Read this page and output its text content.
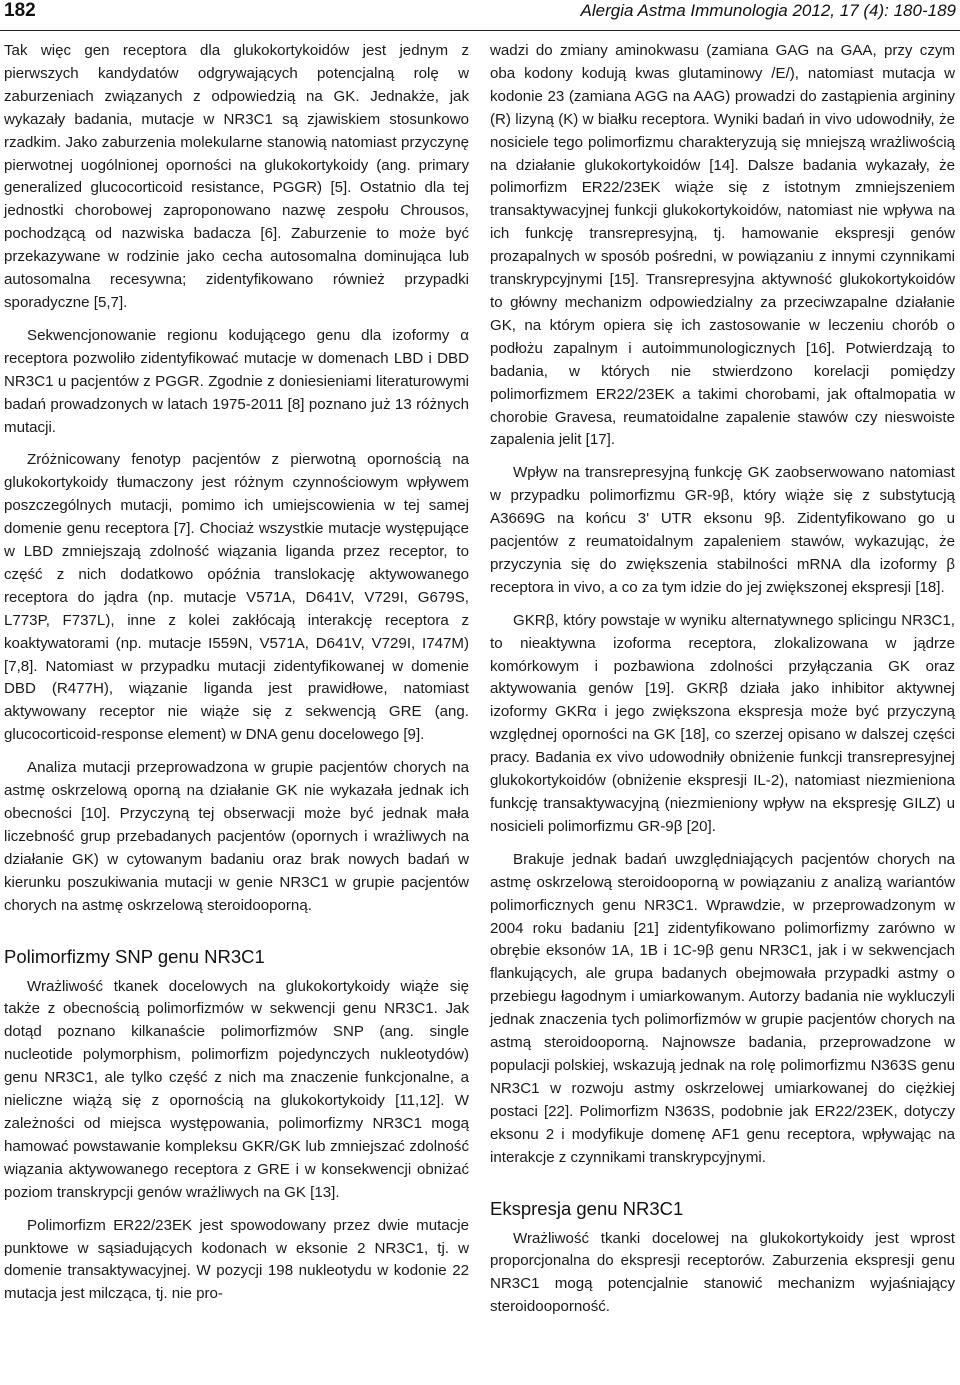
182	Alergia Astma Immunologia 2012, 17 (4): 180-189

Tak więc gen receptora dla glukokortykoidów jest jednym z pierwszych kandydatów odgrywających potencjalną rolę w zaburzeniach związanych z odpowiedzią na GK. Jednakże, jak wykazały badania, mutacje w NR3C1 są zjawiskiem stosunkowo rzadkim. Jako zaburzenia molekularne stanowią natomiast przyczynę pierwotnej uogólnionej oporności na glukokortykoidy (ang. primary generalized glucocorticoid resistance, PGGR) [5]. Ostatnio dla tej jednostki chorobowej zaproponowano nazwę zespołu Chrousos, pochodzącą od nazwiska badacza [6]. Zaburzenie to może być przekazywane w rodzinie jako cecha autosomalna dominująca lub autosomalna recesywna; zidentyfikowano również przypadki sporadyczne [5,7].

Sekwencjonowanie regionu kodującego genu dla izoformy α receptora pozwoliło zidentyfikować mutacje w domenach LBD i DBD NR3C1 u pacjentów z PGGR. Zgodnie z doniesieniami literaturowymi badań prowadzonych w latach 1975-2011 [8] poznano już 13 różnych mutacji.

Zróżnicowany fenotyp pacjentów z pierwotną opornością na glukokortykoidy tłumaczony jest różnym czynnościowym wpływem poszczególnych mutacji, pomimo ich umiejscowienia w tej samej domenie genu receptora [7]. Chociaż wszystkie mutacje występujące w LBD zmniejszają zdolność wiązania liganda przez receptor, to część z nich dodatkowo opóźnia translokację aktywowanego receptora do jądra (np. mutacje V571A, D641V, V729I, G679S, L773P, F737L), inne z kolei zakłócają interakcję receptora z koaktywatorami (np. mutacje I559N, V571A, D641V, V729I, I747M) [7,8]. Natomiast w przypadku mutacji zidentyfikowanej w domenie DBD (R477H), wiązanie liganda jest prawidłowe, natomiast aktywowany receptor nie wiąże się z sekwencją GRE (ang. glucocorticoid-response element) w DNA genu docelowego [9].

Analiza mutacji przeprowadzona w grupie pacjentów chorych na astmę oskrzelową oporną na działanie GK nie wykazała jednak ich obecności [10]. Przyczyną tej obserwacji może być jednak mała liczebność grup przebadanych pacjentów (opornych i wrażliwych na działanie GK) w cytowanym badaniu oraz brak nowych badań w kierunku poszukiwania mutacji w genie NR3C1 w grupie pacjentów chorych na astmę oskrzelową steroidooporną.

Polimorfizmy SNP genu NR3C1

Wrażliwość tkanek docelowych na glukokortykoidy wiąże się także z obecnością polimorfizmów w sekwencji genu NR3C1. Jak dotąd poznano kilkanaście polimorfizmów SNP (ang. single nucleotide polymorphism, polimorfizm pojedynczych nukleotydów) genu NR3C1, ale tylko część z nich ma znaczenie funkcjonalne, a nieliczne wiążą się z opornością na glukokortykoidy [11,12]. W zależności od miejsca występowania, polimorfizmy NR3C1 mogą hamować powstawanie kompleksu GKR/GK lub zmniejszać zdolność wiązania aktywowanego receptora z GRE i w konsekwencji obniżać poziom transkrypcji genów wrażliwych na GK [13].

Polimorfizm ER22/23EK jest spowodowany przez dwie mutacje punktowe w sąsiadujących kodonach w eksonie 2 NR3C1, tj. w domenie transaktywacyjnej. W pozycji 198 nukleotydu w kodonie 22 mutacja jest milcząca, tj. nie pro-

wadzi do zmiany aminokwasu (zamiana GAG na GAA, przy czym oba kodony kodują kwas glutaminowy /E/), natomiast mutacja w kodonie 23 (zamiana AGG na AAG) prowadzi do zastąpienia argininy (R) lizyną (K) w białku receptora. Wyniki badań in vivo udowodniły, że nosiciele tego polimorfizmu charakteryzują się mniejszą wrażliwością na działanie glukokortykoidów [14]. Dalsze badania wykazały, że polimorfizm ER22/23EK wiąże się z istotnym zmniejszeniem transaktywacyjnej funkcji glukokortykoidów, natomiast nie wpływa na ich funkcję transrepresyjną, tj. hamowanie ekspresji genów prozapalnych w sposób pośredni, w powiązaniu z innymi czynnikami transkrypcyjnymi [15]. Transrepresyjna aktywność glukokortykoidów to główny mechanizm odpowiedzialny za przeciwzapalne działanie GK, na którym opiera się ich zastosowanie w leczeniu chorób o podłożu zapalnym i autoimmunologicznych [16]. Potwierdzają to badania, w których nie stwierdzono korelacji pomiędzy polimorfizmem ER22/23EK a takimi chorobami, jak oftalmopatia w chorobie Gravesa, reumatoidalne zapalenie stawów czy nieswoiste zapalenia jelit [17].

Wpływ na transrepresyjną funkcję GK zaobserwowano natomiast w przypadku polimorfizmu GR-9β, który wiąże się z substytucją A3669G na końcu 3' UTR eksonu 9β. Zidentyfikowano go u pacjentów z reumatoidalnym zapaleniem stawów, wykazując, że przyczynia się do zwiększenia stabilności mRNA dla izoformy β receptora in vivo, a co za tym idzie do jej zwiększonej ekspresji [18].

GKRβ, który powstaje w wyniku alternatywnego splicingu NR3C1, to nieaktywna izoforma receptora, zlokalizowana w jądrze komórkowym i pozbawiona zdolności przyłączania GK oraz aktywowania genów [19]. GKRβ działa jako inhibitor aktywnej izoformy GKRα i jego zwiększona ekspresja może być przyczyną względnej oporności na GK [18], co szerzej opisano w dalszej części pracy. Badania ex vivo udowodniły obniżenie funkcji transrepresyjnej glukokortykoidów (obniżenie ekspresji IL-2), natomiast niezmieniona funkcję transaktywacyjną (niezmieniony wpływ na ekspresję GILZ) u nosicieli polimorfizmu GR-9β [20].

Brakuje jednak badań uwzględniających pacjentów chorych na astmę oskrzelową steroidooporną w powiązaniu z analizą wariantów polimorficznych genu NR3C1. Wprawdzie, w przeprowadzonym w 2004 roku badaniu [21] zidentyfikowano polimorfizmy zarówno w obrębie eksonów 1A, 1B i 1C-9β genu NR3C1, jak i w sekwencjach flankujących, ale grupa badanych obejmowała przypadki astmy o przebiegu łagodnym i umiarkowanym. Autorzy badania nie wykluczyli jednak znaczenia tych polimorfizmów w grupie pacjentów chorych na astmą steroidooporną. Najnowsze badania, przeprowadzone w populacji polskiej, wskazują jednak na rolę polimorfizmu N363S genu NR3C1 w rozwoju astmy oskrzelowej umiarkowanej do ciężkiej postaci [22]. Polimorfizm N363S, podobnie jak ER22/23EK, dotyczy eksonu 2 i modyfikuje domenę AF1 genu receptora, wpływając na interakcje z czynnikami transkrypcyjnymi.

Ekspresja genu NR3C1

Wrażliwość tkanki docelowej na glukokortykoidy jest wprost proporcjonalna do ekspresji receptorów. Zaburzenia ekspresji genu NR3C1 mogą potencjalnie stanowić mechanizm wyjaśniający steroidooporność.
